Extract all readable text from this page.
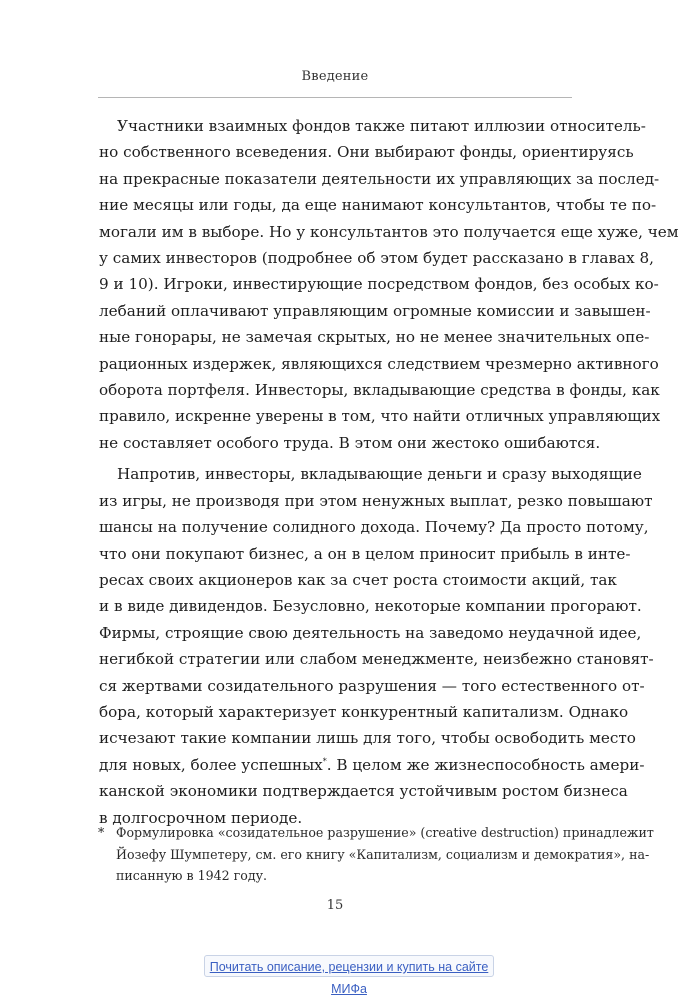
Введение

Участники взаимных фондов также питают иллюзии относитель-
но собственного всеведения. Они выбирают фонды, ориентируясь
на прекрасные показатели деятельности их управляющих за послед-
ние месяцы или годы, да еще нанимают консультантов, чтобы те по-
могали им в выборе. Но у консультантов это получается еще хуже, чем
у самих инвесторов (подробнее об этом будет рассказано в главах 8,
9 и 10). Игроки, инвестирующие посредством фондов, без особых ко-
лебаний оплачивают управляющим огромные комиссии и завышен-
ные гонорары, не замечая скрытых, но не менее значительных опе-
рационных издержек, являющихся следствием чрезмерно активного
оборота портфеля. Инвесторы, вкладывающие средства в фонды, как
правило, искренне уверены в том, что найти отличных управляющих
не составляет особого труда. В этом они жестоко ошибаются.

Напротив, инвесторы, вкладывающие деньги и сразу выходящие
из игры, не производя при этом ненужных выплат, резко повышают
шансы на получение солидного дохода. Почему? Да просто потому,
что они покупают бизнес, а он в целом приносит прибыль в инте-
ресах своих акционеров как за счет роста стоимости акций, так
и в виде дивидендов. Безусловно, некоторые компании прогорают.
Фирмы, строящие свою деятельность на заведомо неудачной идее,
негибкой стратегии или слабом менеджменте, неизбежно становят-
ся жертвами созидательного разрушения — того естественного от-
бора, который характеризует конкурентный капитализм. Однако
исчезают такие компании лишь для того, чтобы освободить место
для новых, более успешных*. В целом же жизнеспособность амери-
канской экономики подтверждается устойчивым ростом бизнеса
в долгосрочном периоде.

* Формулировка «созидательное разрушение» (creative destruction) принадлежит
Йозефу Шумпетеру, см. его книгу «Капитализм, социализм и демократия», на-
писанную в 1942 году.
15
Почитать описание, рецензии и купить на сайте МИФа
